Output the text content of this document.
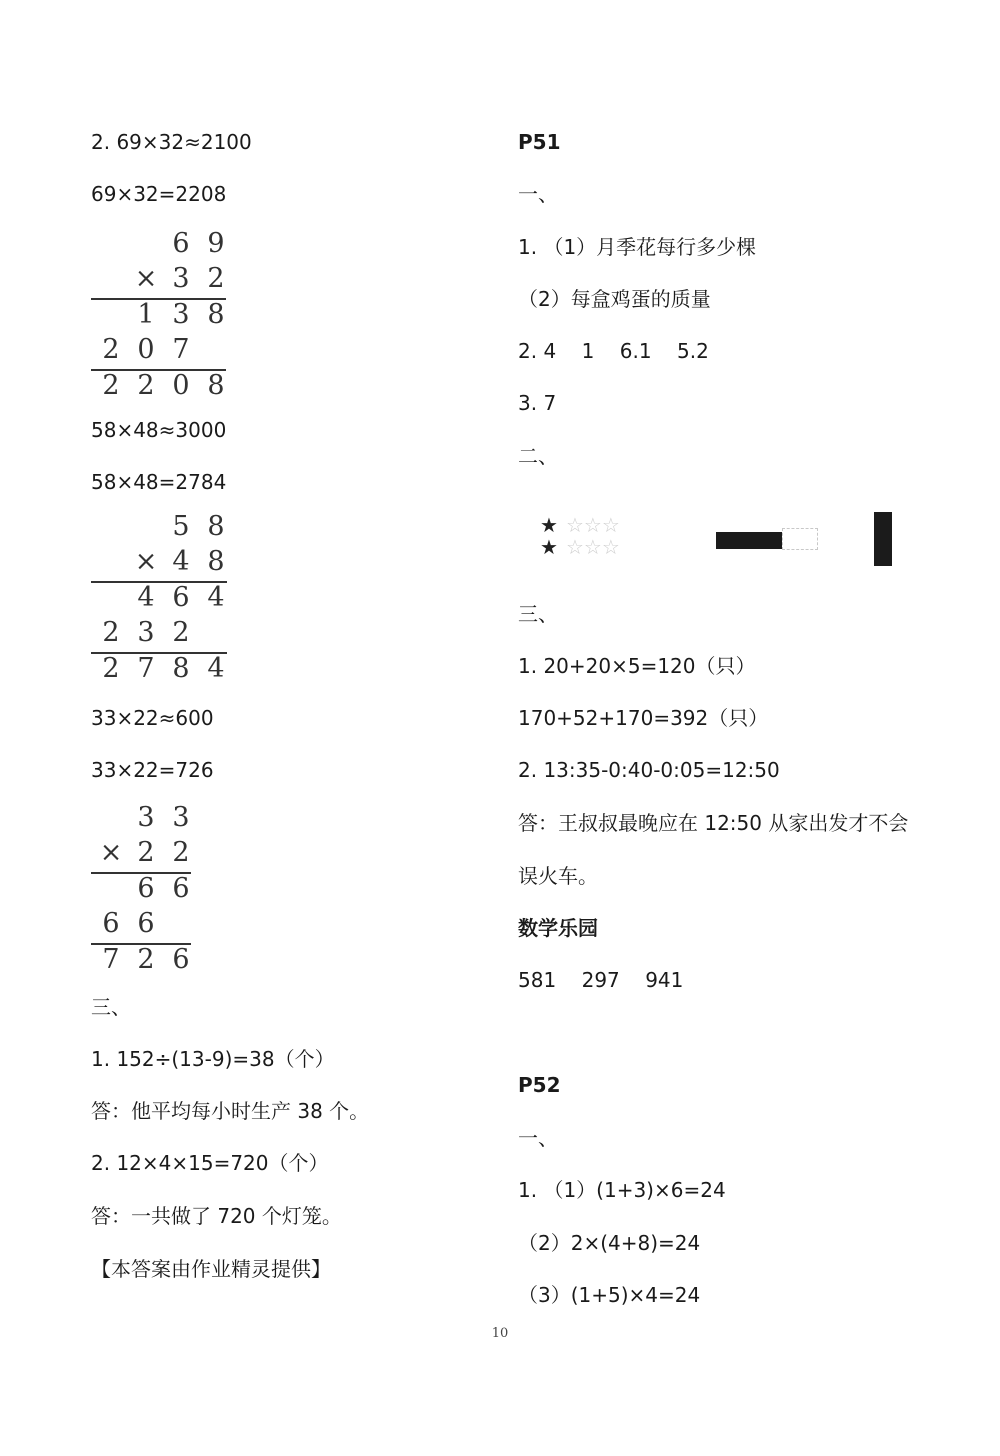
2. 69×32≈2100
69×32=2208
6 9
× 3 2
1 3 8
2 0 7
2 2 0 8
58×48≈3000
58×48=2784
5 8
× 4 8
4 6 4
2 3 2
2 7 8 4
33×22≈600
33×22=726
3 3
× 2 2
6 6
6 6
7 2 6
三、
1. 152÷(13-9)=38（个）
答：他平均每小时生产 38 个。
2. 12×4×15=720（个）
答：一共做了 720 个灯笼。
【本答案由作业精灵提供】
P51
一、
1. （1）月季花每行多少棵
（2）每盒鸡蛋的质量
2. 4    1    6.1    5.2
3. 7
二、
★
★
☆☆☆
☆☆☆
三、
1. 20+20×5=120（只）
170+52+170=392（只）
2. 13:35-0:40-0:05=12:50
答：王叔叔最晚应在 12:50 从家出发才不会
误火车。
数学乐园
581    297    941
P52
一、
1. （1）(1+3)×6=24
（2）2×(4+8)=24
（3）(1+5)×4=24
10
